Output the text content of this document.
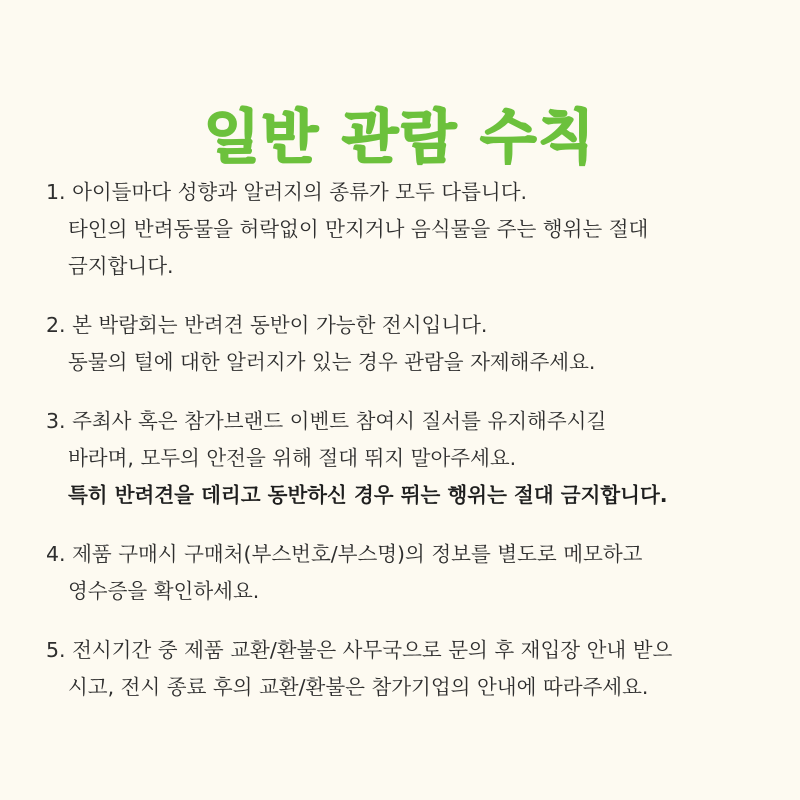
일반 관람 수칙
1. 아이들마다 성향과 알러지의 종류가 모두 다릅니다.
타인의 반려동물을 허락없이 만지거나 음식물을 주는 행위는 절대
금지합니다.
2. 본 박람회는 반려견 동반이 가능한 전시입니다.
동물의 털에 대한 알러지가 있는 경우 관람을 자제해주세요.
3. 주최사 혹은 참가브랜드 이벤트 참여시 질서를 유지해주시길
바라며, 모두의 안전을 위해 절대 뛰지 말아주세요.
특히 반려견을 데리고 동반하신 경우 뛰는 행위는 절대 금지합니다.
4. 제품 구매시 구매처(부스번호/부스명)의 정보를 별도로 메모하고
영수증을 확인하세요.
5. 전시기간 중 제품 교환/환불은 사무국으로 문의 후 재입장 안내 받으
시고, 전시 종료 후의 교환/환불은 참가기업의 안내에 따라주세요.
